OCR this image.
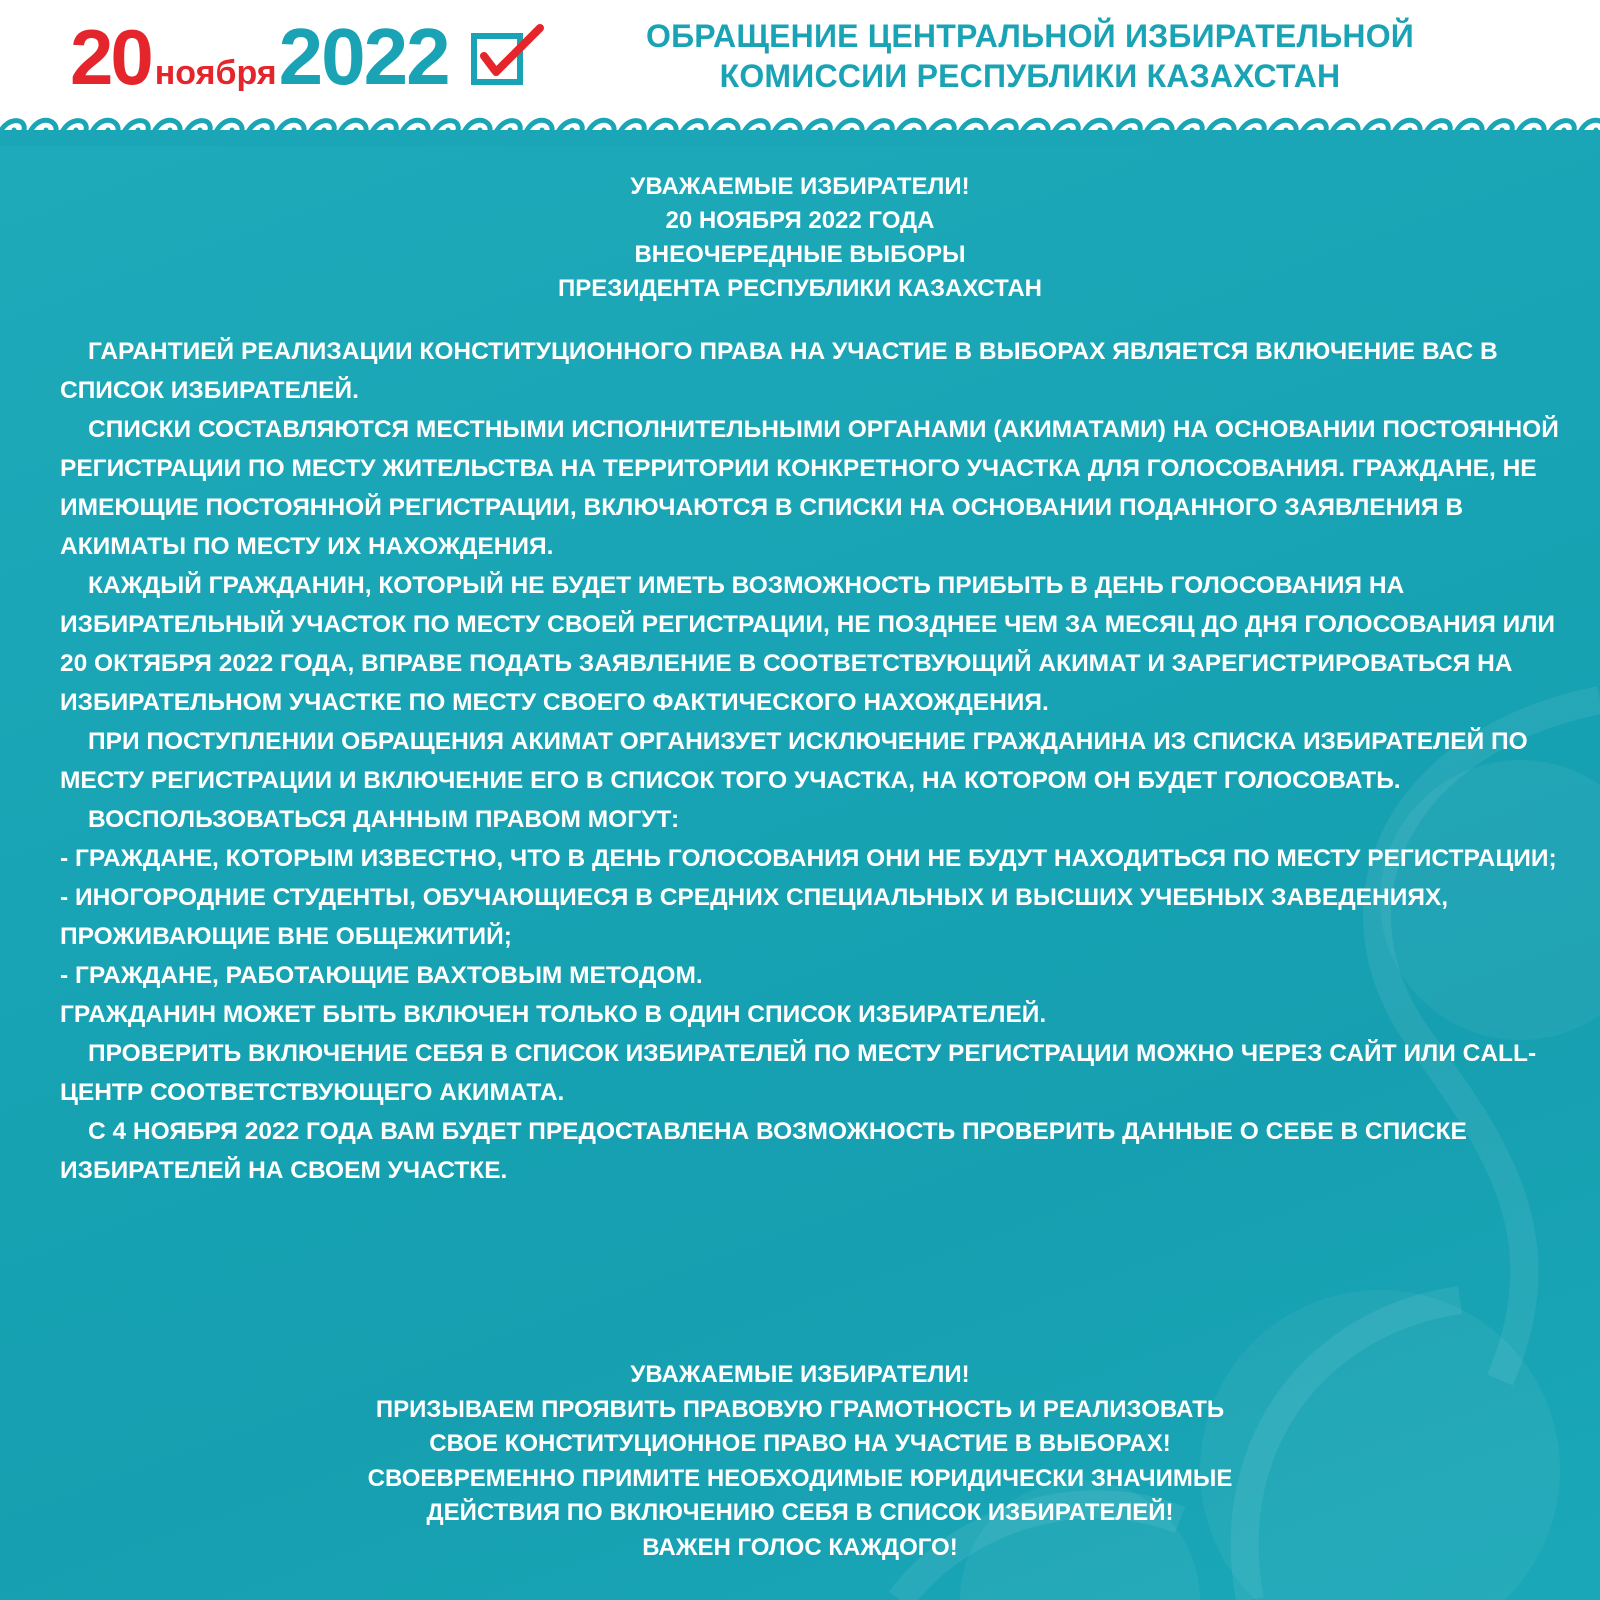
20 ноября 2022	ОБРАЩЕНИЕ ЦЕНТРАЛЬНОЙ ИЗБИРАТЕЛЬНОЙ
КОМИССИИ РЕСПУБЛИКИ КАЗАХСТАН
УВАЖАЕМЫЕ ИЗБИРАТЕЛИ!
20 НОЯБРЯ 2022 ГОДА
ВНЕОЧЕРЕДНЫЕ ВЫБОРЫ
ПРЕЗИДЕНТА РЕСПУБЛИКИ КАЗАХСТАН

ГАРАНТИЕЙ РЕАЛИЗАЦИИ КОНСТИТУЦИОННОГО ПРАВА НА УЧАСТИЕ В ВЫБОРАХ ЯВЛЯЕТСЯ ВКЛЮЧЕНИЕ ВАС В СПИСОК ИЗБИРАТЕЛЕЙ.

СПИСКИ СОСТАВЛЯЮТСЯ МЕСТНЫМИ ИСПОЛНИТЕЛЬНЫМИ ОРГАНАМИ (АКИМАТАМИ) НА ОСНОВАНИИ ПОСТОЯННОЙ РЕГИСТРАЦИИ ПО МЕСТУ ЖИТЕЛЬСТВА НА ТЕРРИТОРИИ КОНКРЕТНОГО УЧАСТКА ДЛЯ ГОЛОСОВАНИЯ. ГРАЖДАНЕ, НЕ ИМЕЮЩИЕ ПОСТОЯННОЙ РЕГИСТРАЦИИ, ВКЛЮЧАЮТСЯ В СПИСКИ НА ОСНОВАНИИ ПОДАННОГО ЗАЯВЛЕНИЯ В АКИМАТЫ ПО МЕСТУ ИХ НАХОЖДЕНИЯ.

КАЖДЫЙ ГРАЖДАНИН, КОТОРЫЙ НЕ БУДЕТ ИМЕТЬ ВОЗМОЖНОСТЬ ПРИБЫТЬ В ДЕНЬ ГОЛОСОВАНИЯ НА ИЗБИРАТЕЛЬНЫЙ УЧАСТОК ПО МЕСТУ СВОЕЙ РЕГИСТРАЦИИ, НЕ ПОЗДНЕЕ ЧЕМ ЗА МЕСЯЦ ДО ДНЯ ГОЛОСОВАНИЯ ИЛИ 20 ОКТЯБРЯ 2022 ГОДА, ВПРАВЕ ПОДАТЬ ЗАЯВЛЕНИЕ В СООТВЕТСТВУЮЩИЙ АКИМАТ И ЗАРЕГИСТРИРОВАТЬСЯ НА ИЗБИРАТЕЛЬНОМ УЧАСТКЕ ПО МЕСТУ СВОЕГО ФАКТИЧЕСКОГО НАХОЖДЕНИЯ.

ПРИ ПОСТУПЛЕНИИ ОБРАЩЕНИЯ АКИМАТ ОРГАНИЗУЕТ ИСКЛЮЧЕНИЕ ГРАЖДАНИНА ИЗ СПИСКА ИЗБИРАТЕЛЕЙ ПО МЕСТУ РЕГИСТРАЦИИ И ВКЛЮЧЕНИЕ ЕГО В СПИСОК ТОГО УЧАСТКА, НА КОТОРОМ ОН БУДЕТ ГОЛОСОВАТЬ.

ВОСПОЛЬЗОВАТЬСЯ ДАННЫМ ПРАВОМ МОГУТ:

- ГРАЖДАНЕ, КОТОРЫМ ИЗВЕСТНО, ЧТО В ДЕНЬ ГОЛОСОВАНИЯ ОНИ НЕ БУДУТ НАХОДИТЬСЯ ПО МЕСТУ РЕГИСТРАЦИИ;

- ИНОГОРОДНИЕ СТУДЕНТЫ, ОБУЧАЮЩИЕСЯ В СРЕДНИХ СПЕЦИАЛЬНЫХ И ВЫСШИХ УЧЕБНЫХ ЗАВЕДЕНИЯХ, ПРОЖИВАЮЩИЕ ВНЕ ОБЩЕЖИТИЙ;

- ГРАЖДАНЕ, РАБОТАЮЩИЕ ВАХТОВЫМ МЕТОДОМ.

ГРАЖДАНИН МОЖЕТ БЫТЬ ВКЛЮЧЕН ТОЛЬКО В ОДИН СПИСОК ИЗБИРАТЕЛЕЙ.

ПРОВЕРИТЬ ВКЛЮЧЕНИЕ СЕБЯ В СПИСОК ИЗБИРАТЕЛЕЙ ПО МЕСТУ РЕГИСТРАЦИИ МОЖНО ЧЕРЕЗ САЙТ ИЛИ CALL-ЦЕНТР СООТВЕТСТВУЮЩЕГО АКИМАТА.

С 4 НОЯБРЯ 2022 ГОДА ВАМ БУДЕТ ПРЕДОСТАВЛЕНА ВОЗМОЖНОСТЬ ПРОВЕРИТЬ ДАННЫЕ О СЕБЕ В СПИСКЕ ИЗБИРАТЕЛЕЙ НА СВОЕМ УЧАСТКЕ.

УВАЖАЕМЫЕ ИЗБИРАТЕЛИ!
ПРИЗЫВАЕМ ПРОЯВИТЬ ПРАВОВУЮ ГРАМОТНОСТЬ И РЕАЛИЗОВАТЬ
СВОЕ КОНСТИТУЦИОННОЕ ПРАВО НА УЧАСТИЕ В ВЫБОРАХ!
СВОЕВРЕМЕННО ПРИМИТЕ НЕОБХОДИМЫЕ ЮРИДИЧЕСКИ ЗНАЧИМЫЕ
ДЕЙСТВИЯ ПО ВКЛЮЧЕНИЮ СЕБЯ В СПИСОК ИЗБИРАТЕЛЕЙ!
ВАЖЕН ГОЛОС КАЖДОГО!
